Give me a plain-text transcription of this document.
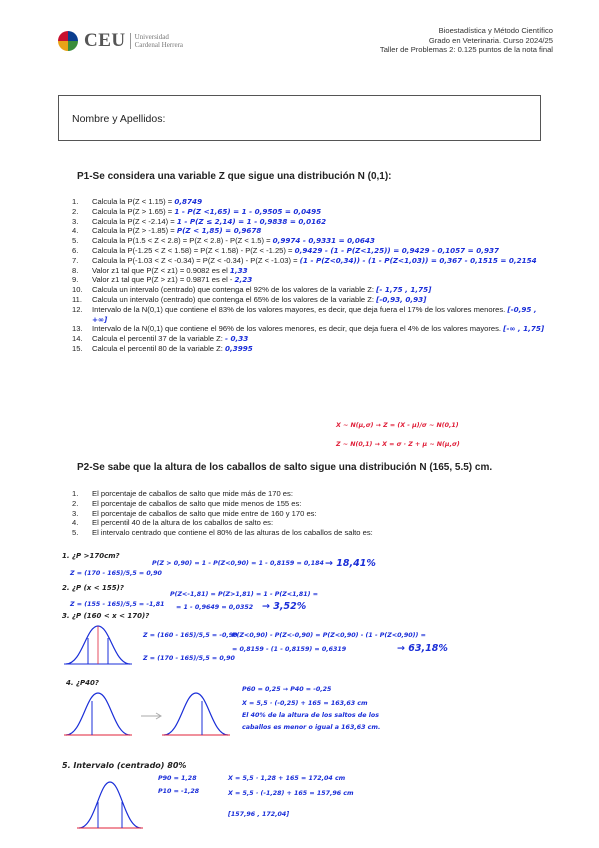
CEU	Universidad
Cardenal Herrera
Bioestadística y Método Científico
Grado en Veterinaria. Curso 2024/25
Taller de Problemas 2: 0.125 puntos de la nota final
Nombre y Apellidos:
P1-Se considera una variable Z que sigue una distribución N (0,1):
1. Calcula la P(Z < 1.15) = 0,8749
2. Calcula la P(Z > 1.65) = 1 - P(Z <1,65) = 1 - 0,9505 = 0,0495
3. Calcula la P(Z < -2.14) = 1 - P(Z ≤ 2,14) = 1 - 0,9838 = 0,0162
4. Calcula la P(Z > -1.85) = P(Z < 1,85) = 0,9678
5. Calcula la P(1.5 < Z < 2.8) = P(Z < 2.8) - P(Z < 1.5) = 0,9974 - 0,9331 = 0,0643
6. Calcula la P(-1.25 < Z < 1.58) = P(Z < 1.58) - P(Z < -1.25) = 0,9429 - (1 - P(Z<1,25)) = 0,9429 - 0,1057 = 0,937
7. Calcula la P(-1.03 < Z < -0.34) = P(Z < -0.34) - P(Z < -1.03) = (1 - P(Z<0,34)) - (1 - P(Z<1,03)) = 0,367 - 0,1515 = 0,2154
8. Valor z1 tal que P(Z < z1) = 0.9082 es el 1,33
9. Valor z1 tal que P(Z > z1) = 0.9871 es el - 2,23
10. Calcula un intervalo (centrado) que contenga el 92% de los valores de la variable Z: [- 1,75 , 1,75]
11. Calcula un intervalo (centrado) que contenga el 65% de los valores de la variable Z: [-0,93, 0,93]
12. Intervalo de la N(0,1) que contiene el 83% de los valores mayores, es decir, que deja fuera el 17% de los valores menores. [-0,95 , +∞]
13. Intervalo de la N(0,1) que contiene el 96% de los valores menores, es decir, que deja fuera el 4% de los valores mayores. [-∞ , 1,75]
14. Calcula el percentil 37 de la variable Z: - 0,33
15. Calcula el percentil 80 de la variable Z: 0,3995
X ~ N(μ,σ) → Z = (X - μ)/σ ~ N(0,1)
Z ~ N(0,1) → X = σ · Z + μ ~ N(μ,σ)
P2-Se sabe que la altura de los caballos de salto sigue una distribución N (165, 5.5) cm.
1. El porcentaje de caballos de salto que mide más de 170 es:
2. El porcentaje de caballos de salto que mide menos de 155 es:
3. El porcentaje de caballos de salto que mide entre de 160 y 170 es:
4. El percentil 40 de la altura de los caballos de salto es:
5. El intervalo centrado que contiene el 80% de las alturas de los caballos de salto es:
1. ¿P >170cm?
Z = (170 - 165)/5,5 = 0,90
P(Z > 0,90) = 1 - P(Z<0,90) = 1 - 0,8159 = 0,184 → 18,41%
2. ¿P (x < 155)?
Z = (155 - 165)/5,5 = -1,81
P(Z<-1,81) = P(Z>1,81) = 1 - P(Z<1,81) =
= 1 - 0,9649 = 0,0352 → 3,52%
3. ¿P (160 < x < 170)?
Z = (160 - 165)/5,5 = -0,90
Z = (170 - 165)/5,5 = 0,90
P(Z<0,90) - P(Z<-0,90) = P(Z<0,90) - (1 - P(Z<0,90)) =
= 0,8159 - (1 - 0,8159) = 0,6319	→ 63,18%
4. ¿P40?
P60 = 0,25 → P40 = -0,25
X = 5,5 · (-0,25) + 165 = 163,63 cm
El 40% de la altura de los saltos de los
caballos es menor o igual a 163,63 cm.
5. Intervalo (centrado) 80%
P90 = 1,28
P10 = -1,28
X = 5,5 · 1,28 + 165 = 172,04 cm
X = 5,5 · (-1,28) + 165 = 157,96 cm
[157,96 , 172,04]
